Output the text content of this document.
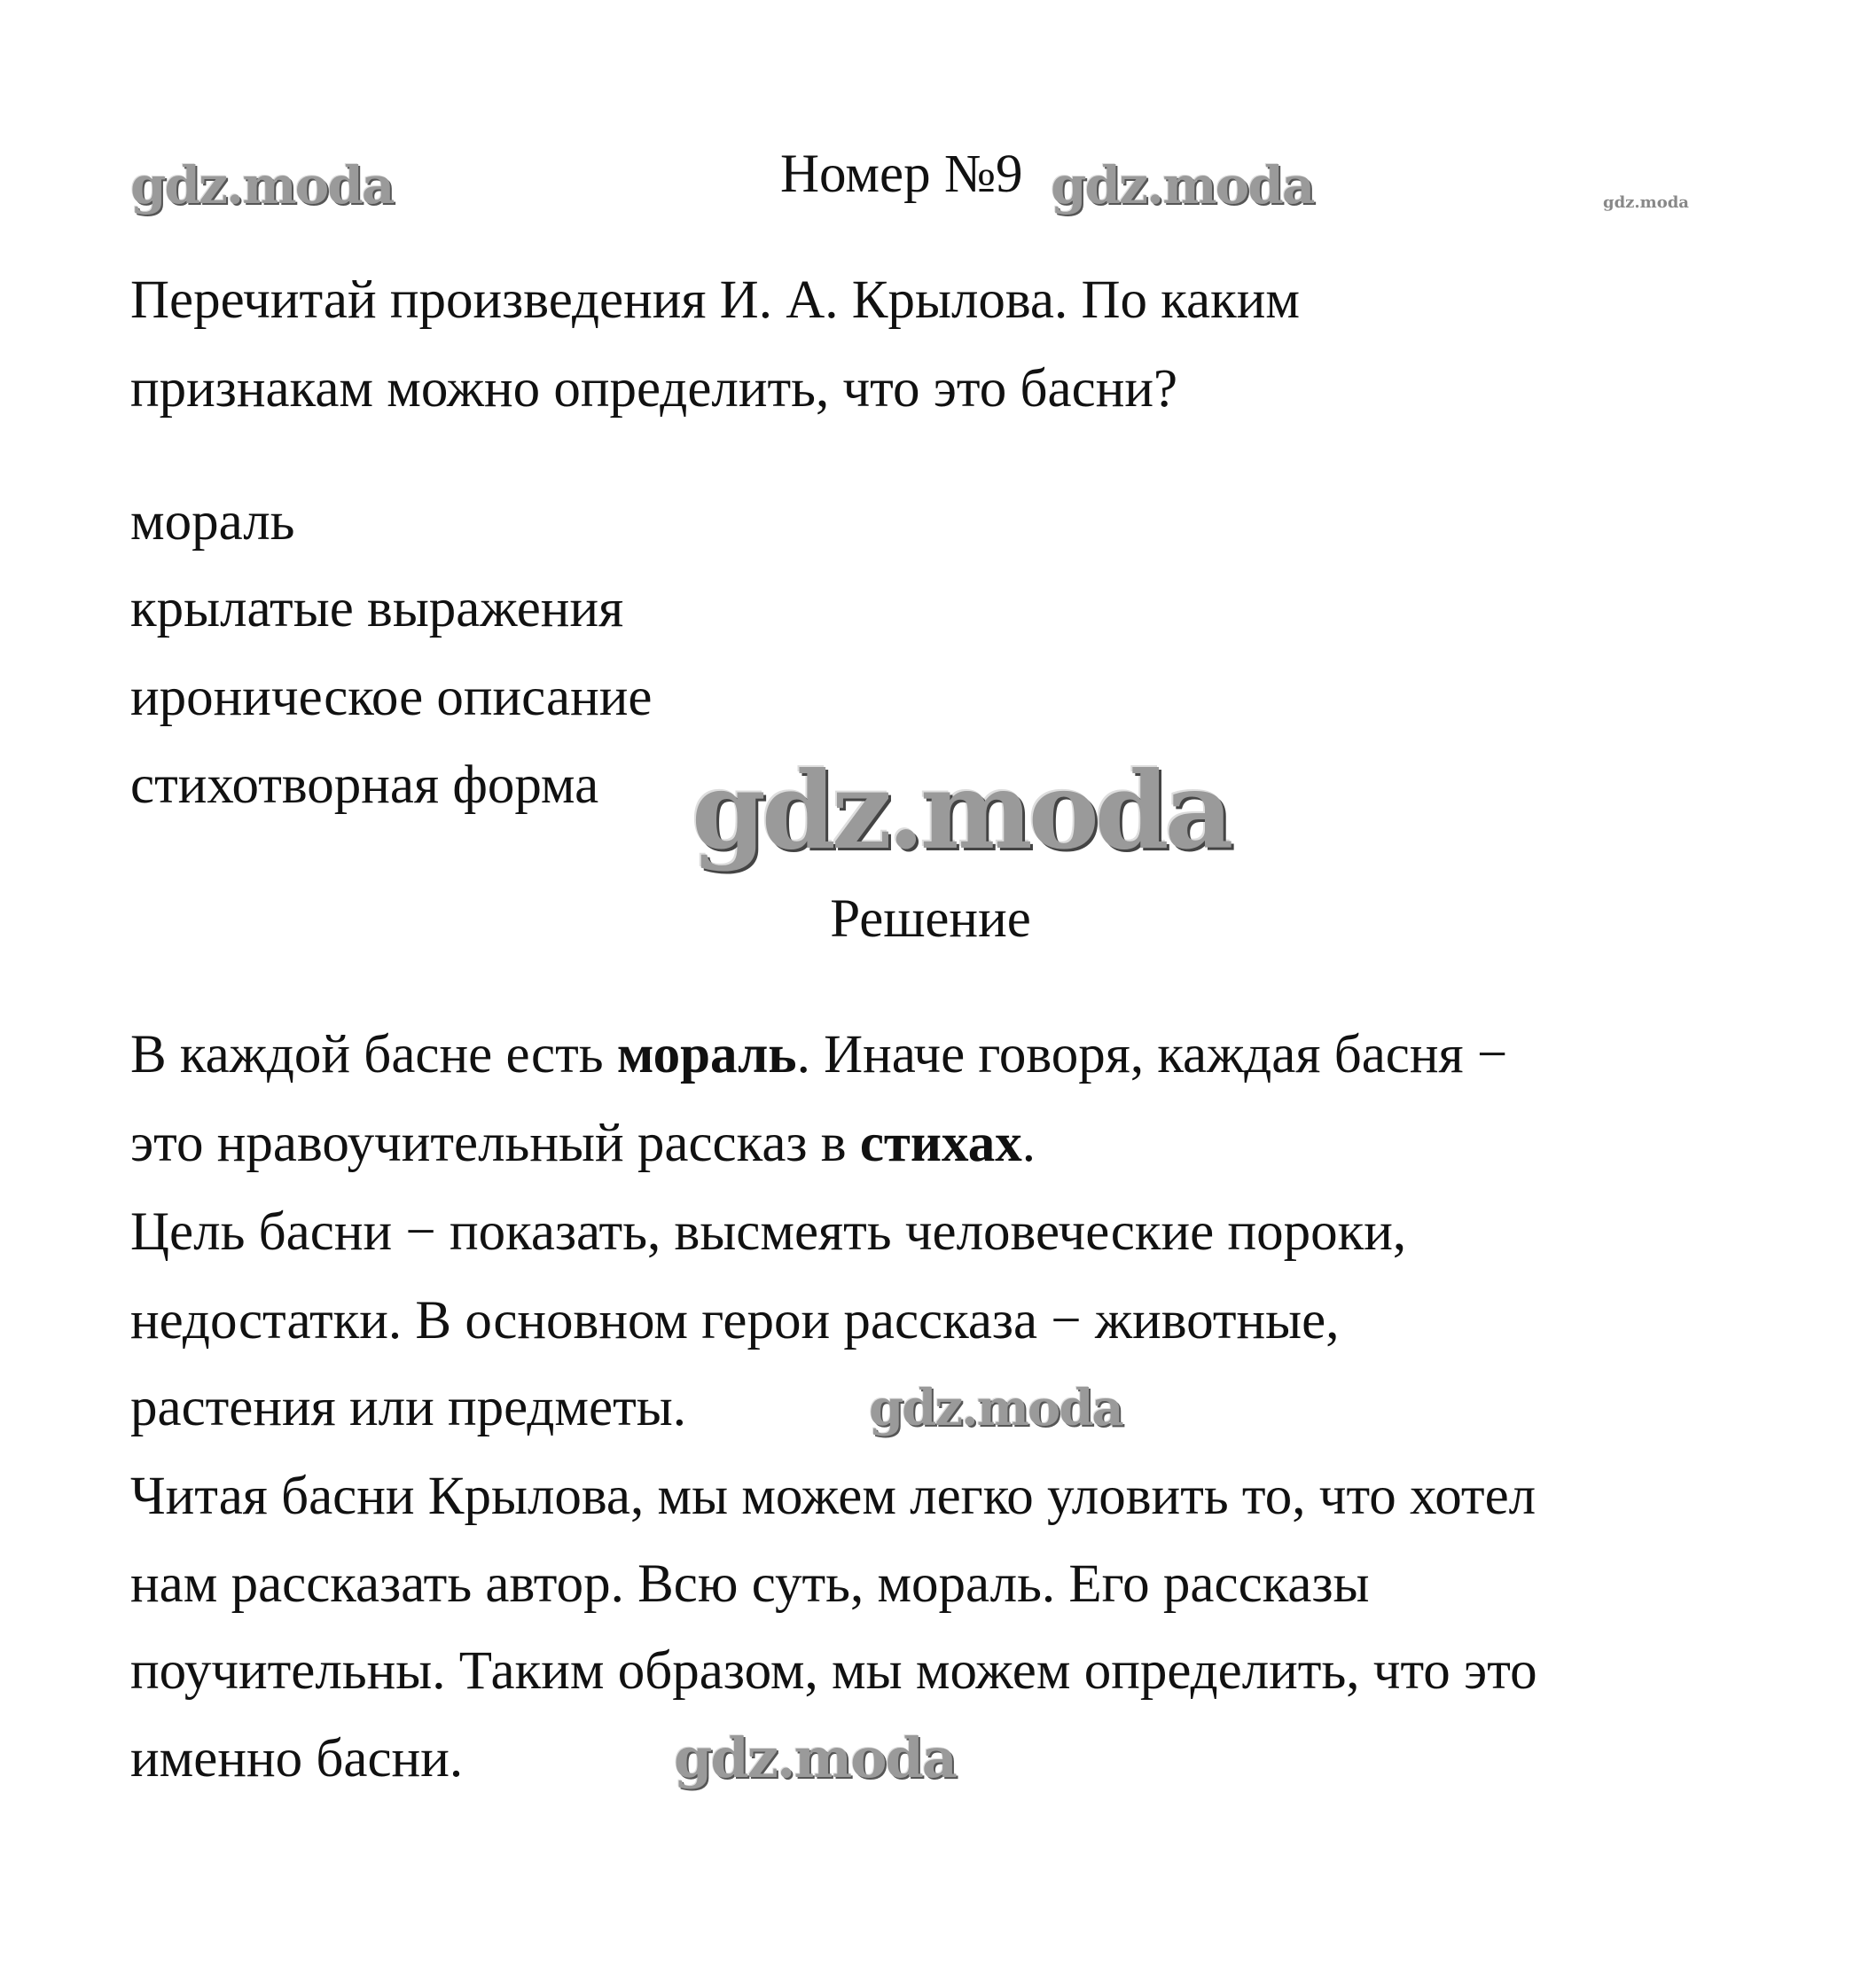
gdz.moda	Номер №9 gdz.moda	gdz.moda
Перечитай произведения И. А. Крылова. По каким
признакам можно определить, что это басни?
мораль
крылатые выражения
ироническое описание
стихотворная форма gdz.moda
Решение
В каждой басне есть мораль. Иначе говоря, каждая басня −
это нравоучительный рассказ в стихах.
Цель басни − показать, высмеять человеческие пороки,
недостатки. В основном герои рассказа − животные,
растения или предметы.
Читая басни Крылова, мы можем легко уловить то, что хотел
нам рассказать автор. Всю суть, мораль. Его рассказы
поучительны. Таким образом, мы можем определить, что это
именно басни.
gdz.moda
gdz.moda
